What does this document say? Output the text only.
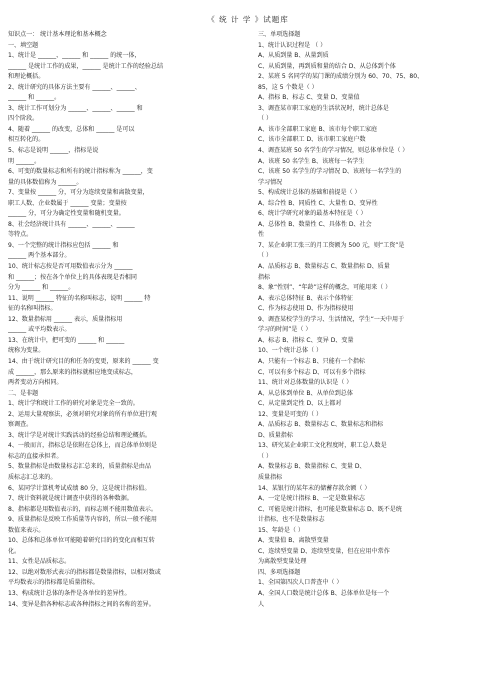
《 统 计 学 》试题库
知识点一： 统计基本理论和基本概念
一、填空题
1、统计是 ______、______ 和 ______ 的统一体，
______ 是统计工作的成果，______ 是统计工作的经验总结
和理论概括。
2、统计研究的具体方法主要有 ______、______、
______ 和 ______。
3、统计工作可划分为 ______、______、______ 和
四个阶段。
4、随着 ______ 的改变，总体和 ______ 是可以
相互转化的。
5、标志是说明 ______，指标是说
明 ______。
6、可变的数量标志和所有的统计指标称为 ______，变
量的具体数值称为 ______。
7、变量按 ______ 分，可分为连续变量和离散变量，
职工人数、企业数属于 ______ 变量；变量按
______ 分，可分为确定性变量和随机变量。
8、社会经济统计具有 ______、______、______
等特点。
9、一个完整的统计指标应包括 ______ 和
______ 两个基本部分。
10、统计标志按是否可用数值表示分为 ______
和 ______；按在各个单位上的具体表现是否相同
分为 ______ 和 ______。
11、说明 ______ 特征的名称叫标志，说明 ______ 特
征的名称叫指标。
12、数量指标用 ______ 表示，质量指标用
______ 或平均数表示。
13、在统计中，把可变的 ______ 和 ______
统称为变量。
14、由于统计研究目的和任务的变更，原来的 ______ 变
成 ______，那么原来的指标就相应地变成标志，
两者变动方向相同。
二、是非题
1、统计学和统计工作的研究对象是完全一致的。
2、运用大量观察法，必须对研究对象的所有单位进行观
察调查。
3、统计学是对统计实践活动的经验总结和理论概括。
4、一般而言，指标总是依附在总体上，而总体单位则是
标志的直接承担者。
5、数量指标是由数量标志汇总来的，质量指标是由品
质标志汇总来的。
6、某同学计算机考试成绩 80 分，这是统计指标值。
7、统计资料就是统计调查中获得的各种数据。
8、指标都是用数值表示的，而标志则不能用数值表示。
9、质量指标是反映工作质量等内容的，所以一般不能用
数值来表示。
10、总体和总体单位可能随着研究目的的变化而相互转
化。
11、女性是品质标志。
12、以绝对数形式表示的指标都是数量指标，以相对数或
平均数表示的指标都是质量指标。
13、构成统计总体的条件是各单位的差异性。
14、变异是指各种标志或各种指标之间的名称的差异。
三、单项选择题
1、统计认识过程是 （ ）
A、从质到量 B、从量到质
C、从质到量，再到质和量的结合 D、从总体到个体
2、某班 5 名同学的某门课的成绩分别为 60、70、75、80、
85，这 5 个数是（ ）
A、指标 B、标志 C、变量 D、变量值
3、调查某市职工家庭的生活状况时，统计总体是
（ ）
A、该市全部职工家庭 B、该市每个职工家庭
C、该市全部职工 D、该市职工家庭户数
4、调查某班 50 名学生的学习情况，则总体单位是（ ）
A、该班 50 名学生 B、该班每一名学生
C、该班 50 名学生的学习情况 D、该班每一名学生的
学习情况
5、构成统计总体的基础和前提是（ ）
A、综合性 B、同质性 C、大量性 D、变异性
6、统计学研究对象的最基本特征是（ ）
A、总体性 B、数量性 C、具体性 D、社会
性
7、某企业职工张三的月工资额为 500 元，则“工资”是
（ ）
A、品质标志 B、数量标志 C、数量指标 D、质量
指标
8、象“性别”、“年龄”这样的概念，可能用来（ ）
A、表示总体特征 B、表示个体特征
C、作为标志使用 D、作为指标使用
9、调查某校学生的学习、生活情况，学生“一天中用于
学习的时间”是（ ）
A、标志 B、指标 C、变异 D、变量
10、一个统计总体（ ）
A、只能有一个标志 B、只能有一个指标
C、可以有多个标志 D、可以有多个指标
11、统计对总体数量的认识是（ ）
A、从总体到单位 B、从单位到总体
C、从定量到定性 D、以上都对
12、变量是可变的（ ）
A、品质标志 B、数量标志 C、数量标志和指标
D、质量指标
13、研究某企业职工文化程度时，职工总人数是
（ ）
A、数量标志 B、数量指标 C、变量 D、
质量指标
14、某银行的某年末的储蓄存款余额（ ）
A、一定是统计指标 B、一定是数量标志
C、可能是统计指标，也可能是数量标志 D、既不是统
计指标，也不是数量标志
15、年龄是（ ）
A、变量值 B、离散型变量
C、连续型变量 D、连续型变量，但在应用中常作
为离散型变量处理
四、多项选择题
1、全国第四次人口普查中（ ）
A、全国人口数是统计总体 B、总体单位是每一个
人
